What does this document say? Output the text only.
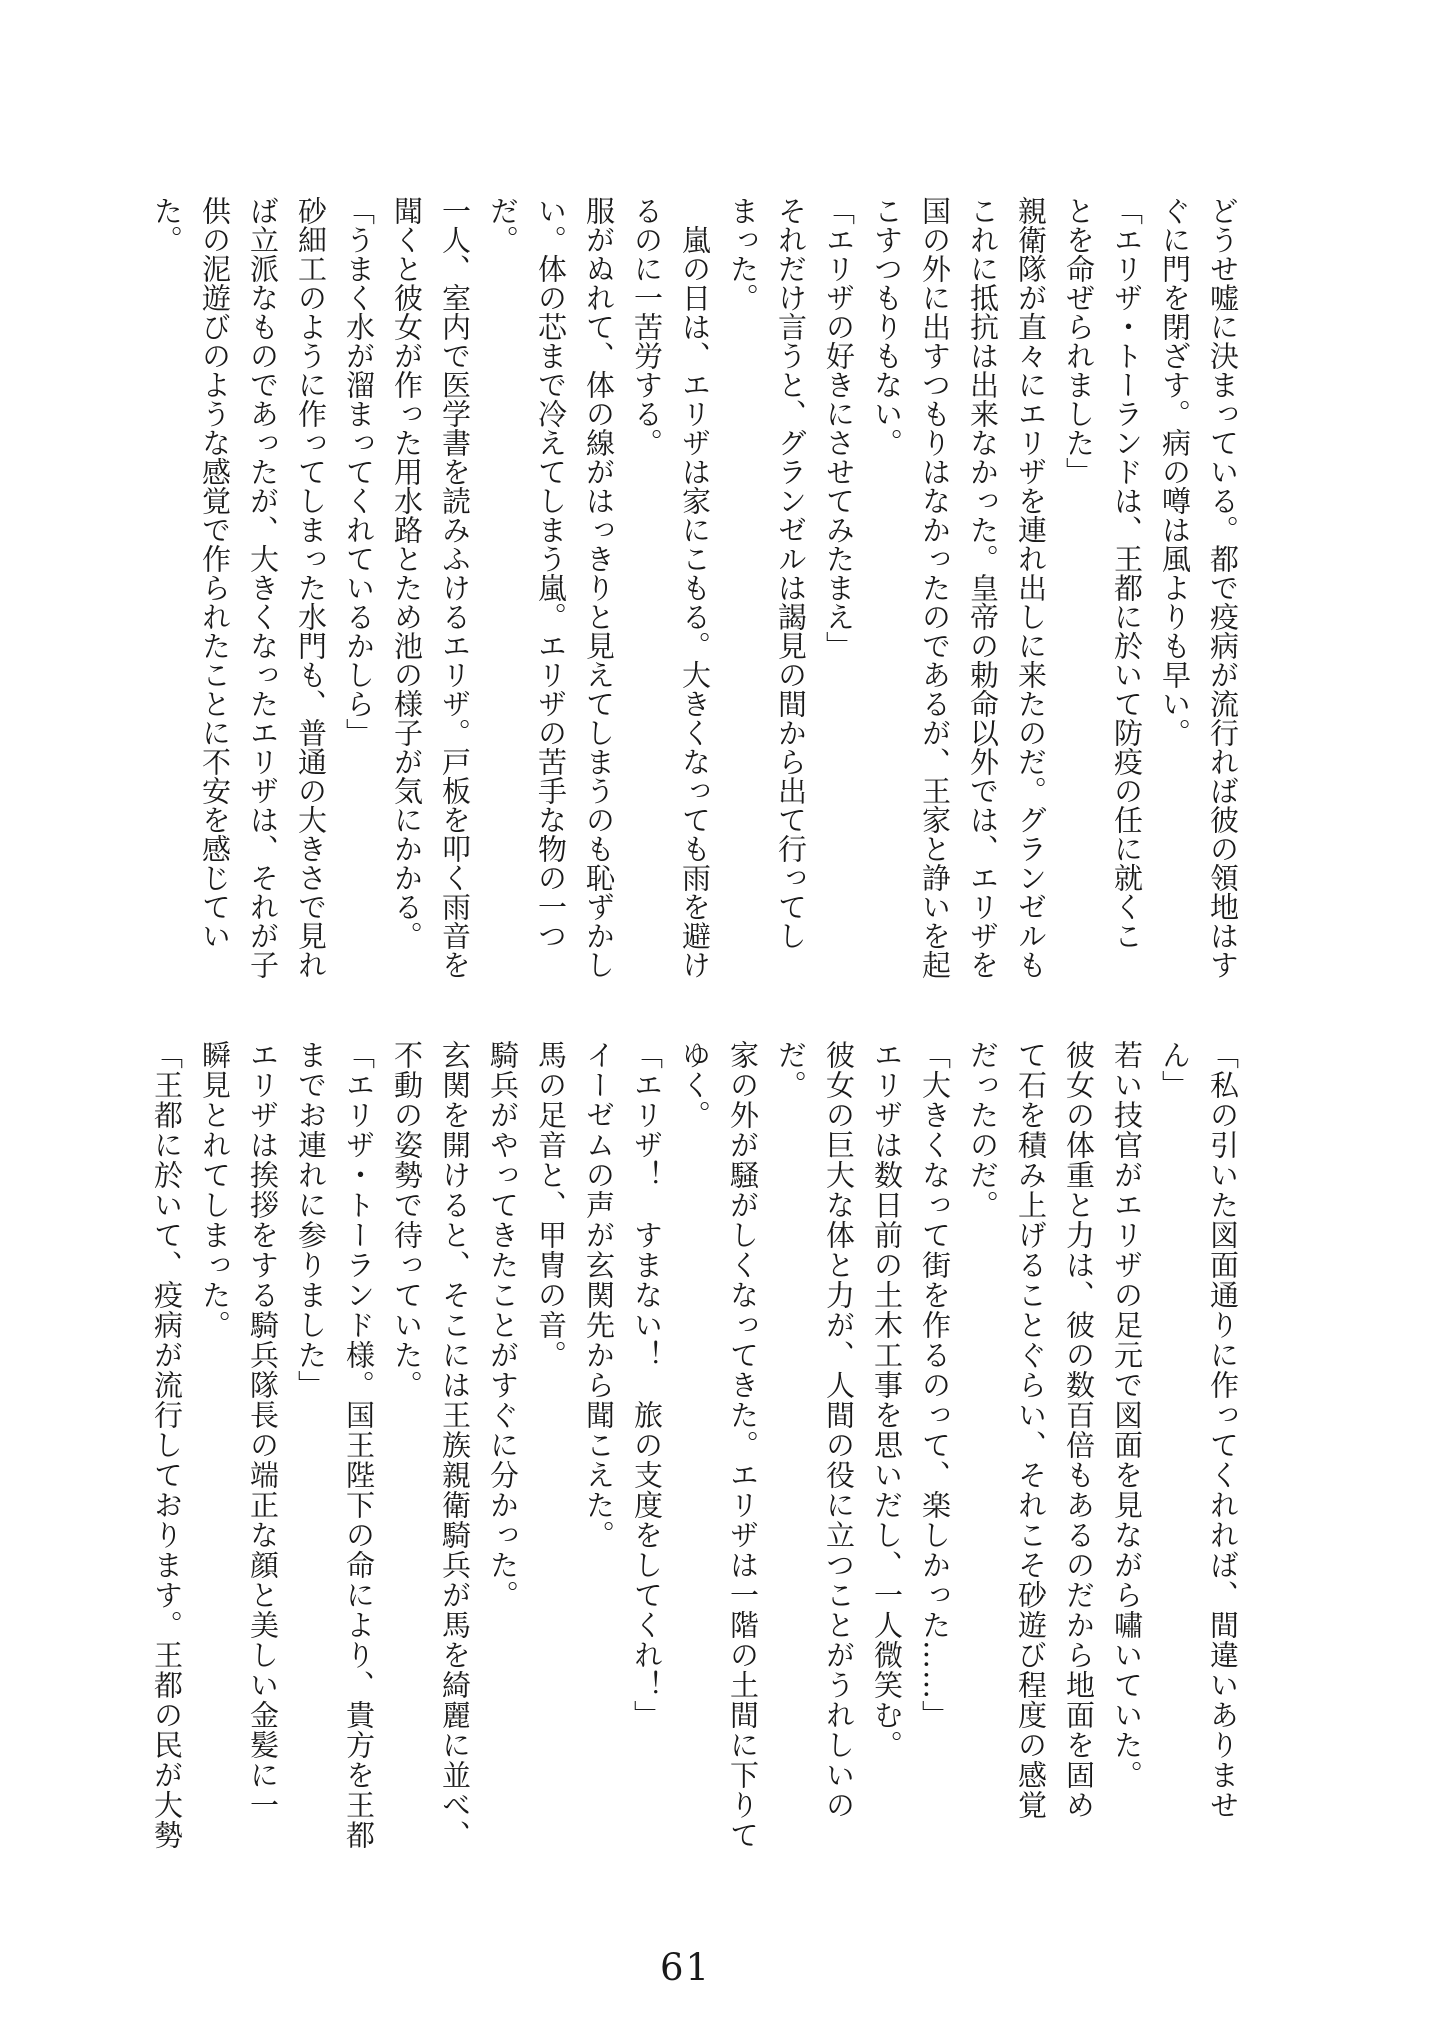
どうせ嘘に決まっている。都で疫病が流行れば彼の領地はす
ぐに門を閉ざす。病の噂は風よりも早い。
「エリザ・トーランドは、王都に於いて防疫の任に就くこ
とを命ぜられました」
親衛隊が直々にエリザを連れ出しに来たのだ。グランゼルも
これに抵抗は出来なかった。皇帝の勅命以外では、エリザを
国の外に出すつもりはなかったのであるが、王家と諍いを起
こすつもりもない。
「エリザの好きにさせてみたまえ」
それだけ言うと、グランゼルは謁見の間から出て行ってし
まった。
嵐の日は、エリザは家にこもる。大きくなっても雨を避け
るのに一苦労する。
服がぬれて、体の線がはっきりと見えてしまうのも恥ずかし
い。体の芯まで冷えてしまう嵐。エリザの苦手な物の一つ
だ。
一人、室内で医学書を読みふけるエリザ。戸板を叩く雨音を
聞くと彼女が作った用水路とため池の様子が気にかかる。
「うまく水が溜まってくれているかしら」
砂細工のように作ってしまった水門も、普通の大きさで見れ
ば立派なものであったが、大きくなったエリザは、それが子
供の泥遊びのような感覚で作られたことに不安を感じてい
た。
「私の引いた図面通りに作ってくれれば、間違いありませ
ん」
若い技官がエリザの足元で図面を見ながら嘯いていた。
彼女の体重と力は、彼の数百倍もあるのだから地面を固め
て石を積み上げることぐらい、それこそ砂遊び程度の感覚
だったのだ。
「大きくなって街を作るのって、楽しかった……」
エリザは数日前の土木工事を思いだし、一人微笑む。
彼女の巨大な体と力が、人間の役に立つことがうれしいの
だ。
家の外が騒がしくなってきた。エリザは一階の土間に下りて
ゆく。
「エリザ！　すまない！　旅の支度をしてくれ！」
イーゼムの声が玄関先から聞こえた。
馬の足音と、甲冑の音。
騎兵がやってきたことがすぐに分かった。
玄関を開けると、そこには王族親衛騎兵が馬を綺麗に並べ、
不動の姿勢で待っていた。
「エリザ・トーランド様。国王陛下の命により、貴方を王都
までお連れに参りました」
エリザは挨拶をする騎兵隊長の端正な顔と美しい金髪に一
瞬見とれてしまった。
「王都に於いて、疫病が流行しております。王都の民が大勢
61
